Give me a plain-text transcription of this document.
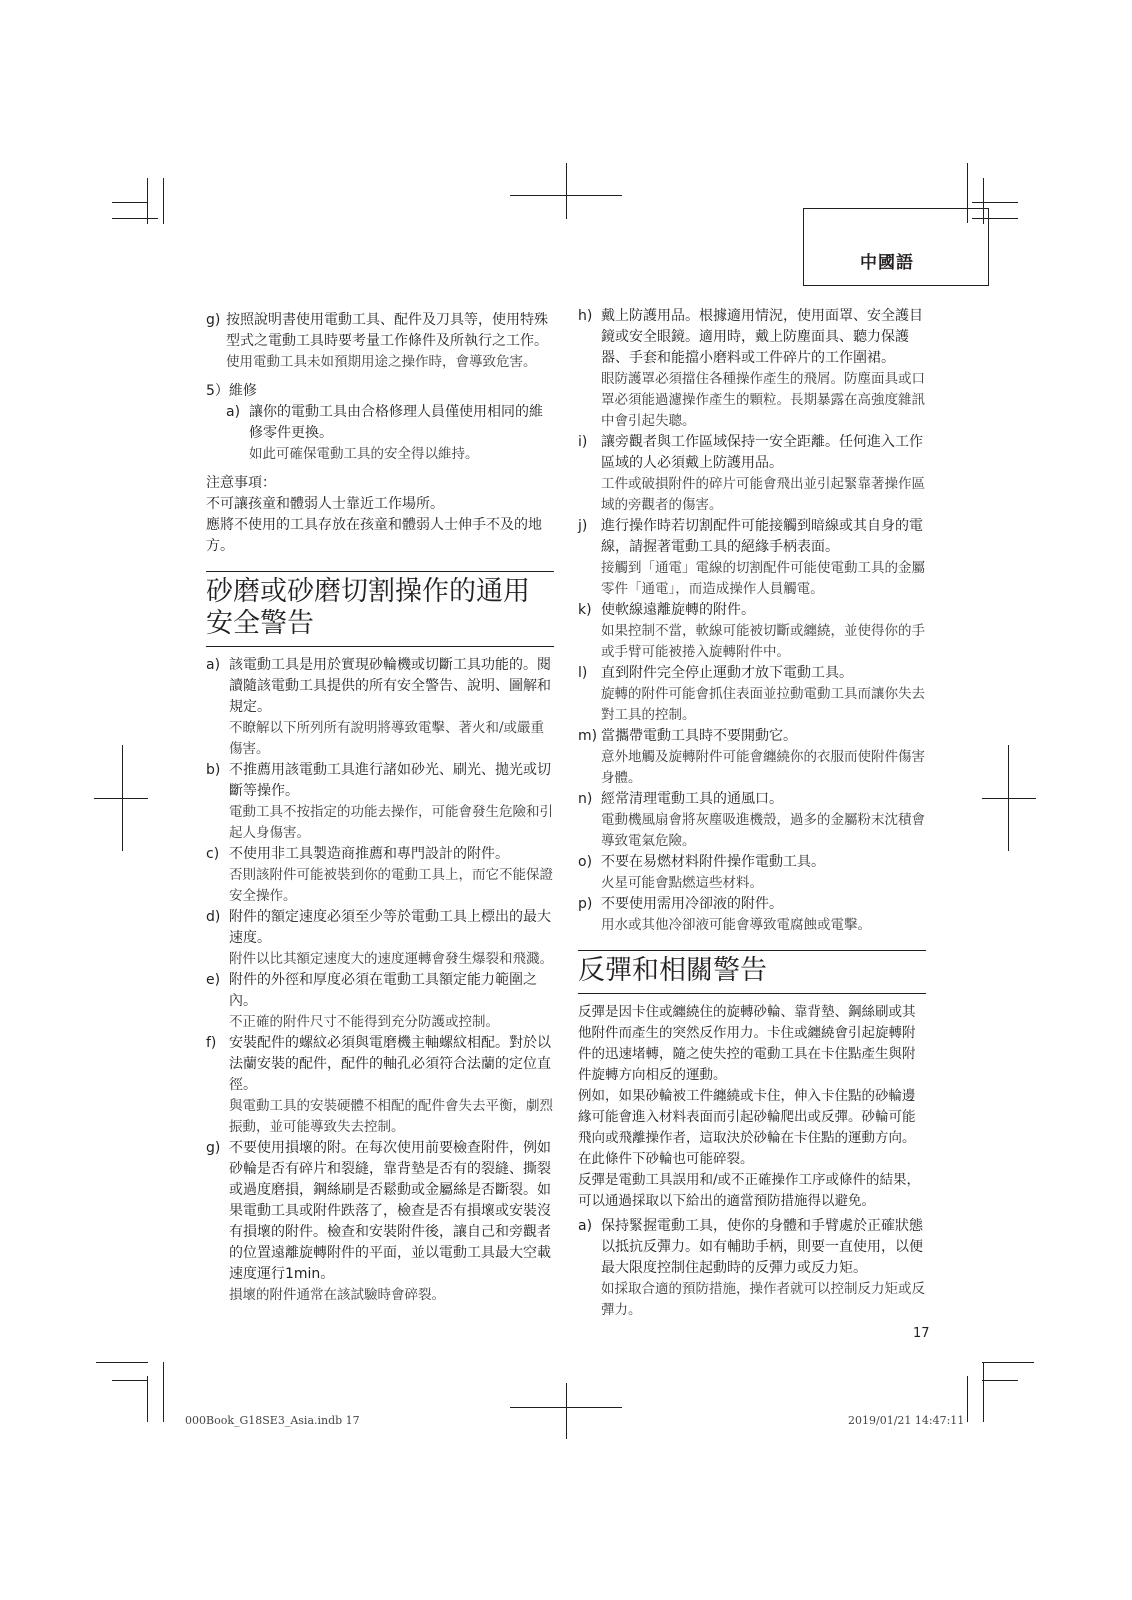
中國語
g) 按照說明書使用電動工具、配件及刀具等，使用特殊型式之電動工具時要考量工作條件及所執行之工作。

使用電動工具未如預期用途之操作時，會導致危害。

5）維修

a) 讓你的電動工具由合格修理人員僅使用相同的維修零件更換。

如此可確保電動工具的安全得以維持。

注意事項：

不可讓孩童和體弱人士靠近工作場所。

應將不使用的工具存放在孩童和體弱人士伸手不及的地方。

砂磨或砂磨切割操作的通用安全警告
a) 該電動工具是用於實現砂輪機或切斷工具功能的。閱讀隨該電動工具提供的所有安全警告、說明、圖解和規定。

不瞭解以下所列所有說明將導致電擊、著火和/或嚴重傷害。

b) 不推薦用該電動工具進行諸如砂光、刷光、拋光或切斷等操作。

電動工具不按指定的功能去操作，可能會發生危險和引起人身傷害。

c) 不使用非工具製造商推薦和專門設計的附件。

否則該附件可能被裝到你的電動工具上，而它不能保證安全操作。

d) 附件的額定速度必須至少等於電動工具上標出的最大速度。

附件以比其額定速度大的速度運轉會發生爆裂和飛濺。

e) 附件的外徑和厚度必須在電動工具額定能力範圍之內。

不正確的附件尺寸不能得到充分防護或控制。

f) 安裝配件的螺紋必須與電磨機主軸螺紋相配。對於以法蘭安裝的配件，配件的軸孔必須符合法蘭的定位直徑。

與電動工具的安裝硬體不相配的配件會失去平衡，劇烈振動，並可能導致失去控制。

g) 不要使用損壞的附。在每次使用前要檢查附件，例如砂輪是否有碎片和裂縫，靠背墊是否有的裂縫、撕裂或過度磨損，鋼絲刷是否鬆動或金屬絲是否斷裂。如果電動工具或附件跌落了，檢查是否有損壞或安裝沒有損壞的附件。檢查和安裝附件後，讓自己和旁觀者的位置遠離旋轉附件的平面，並以電動工具最大空載速度運行1min。

損壞的附件通常在該試驗時會碎裂。

h) 戴上防護用品。根據適用情況，使用面罩、安全護目鏡或安全眼鏡。適用時，戴上防塵面具、聽力保護器、手套和能擋小磨料或工件碎片的工作圍裙。

眼防護罩必須擋住各種操作產生的飛屑。防塵面具或口罩必須能過濾操作產生的顆粒。長期暴露在高強度雜訊中會引起失聰。

i) 讓旁觀者與工作區域保持一安全距離。任何進入工作區域的人必須戴上防護用品。

工件或破損附件的碎片可能會飛出並引起緊靠著操作區域的旁觀者的傷害。

j) 進行操作時若切割配件可能接觸到暗線或其自身的電線，請握著電動工具的絕緣手柄表面。

接觸到「通電」電線的切割配件可能使電動工具的金屬零件「通電」，而造成操作人員觸電。

k) 使軟線遠離旋轉的附件。

如果控制不當，軟線可能被切斷或纏繞，並使得你的手或手臂可能被捲入旋轉附件中。

l) 直到附件完全停止運動才放下電動工具。

旋轉的附件可能會抓住表面並拉動電動工具而讓你失去對工具的控制。

m) 當攜帶電動工具時不要開動它。

意外地觸及旋轉附件可能會纏繞你的衣服而使附件傷害身體。

n) 經常清理電動工具的通風口。

電動機風扇會將灰塵吸進機殼，過多的金屬粉末沈積會導致電氣危險。

o) 不要在易燃材料附件操作電動工具。

火星可能會點燃這些材料。

p) 不要使用需用冷卻液的附件。

用水或其他冷卻液可能會導致電腐蝕或電擊。

反彈和相關警告

反彈是因卡住或纏繞住的旋轉砂輪、靠背墊、鋼絲刷或其他附件而產生的突然反作用力。卡住或纏繞會引起旋轉附件的迅速堵轉，隨之使失控的電動工具在卡住點產生與附件旋轉方向相反的運動。

例如，如果砂輪被工件纏繞或卡住，伸入卡住點的砂輪邊緣可能會進入材料表面而引起砂輪爬出或反彈。砂輪可能飛向或飛離操作者，這取決於砂輪在卡住點的運動方向。在此條件下砂輪也可能碎裂。

反彈是電動工具誤用和/或不正確操作工序或條件的結果，可以通過採取以下給出的適當預防措施得以避免。

a) 保持緊握電動工具，使你的身體和手臂處於正確狀態以抵抗反彈力。如有輔助手柄，則要一直使用，以便最大限度控制住起動時的反彈力或反力矩。

如採取合適的預防措施，操作者就可以控制反力矩或反彈力。

17
000Book_G18SE3_Asia.indb 17	2019/01/21 14:47:11
